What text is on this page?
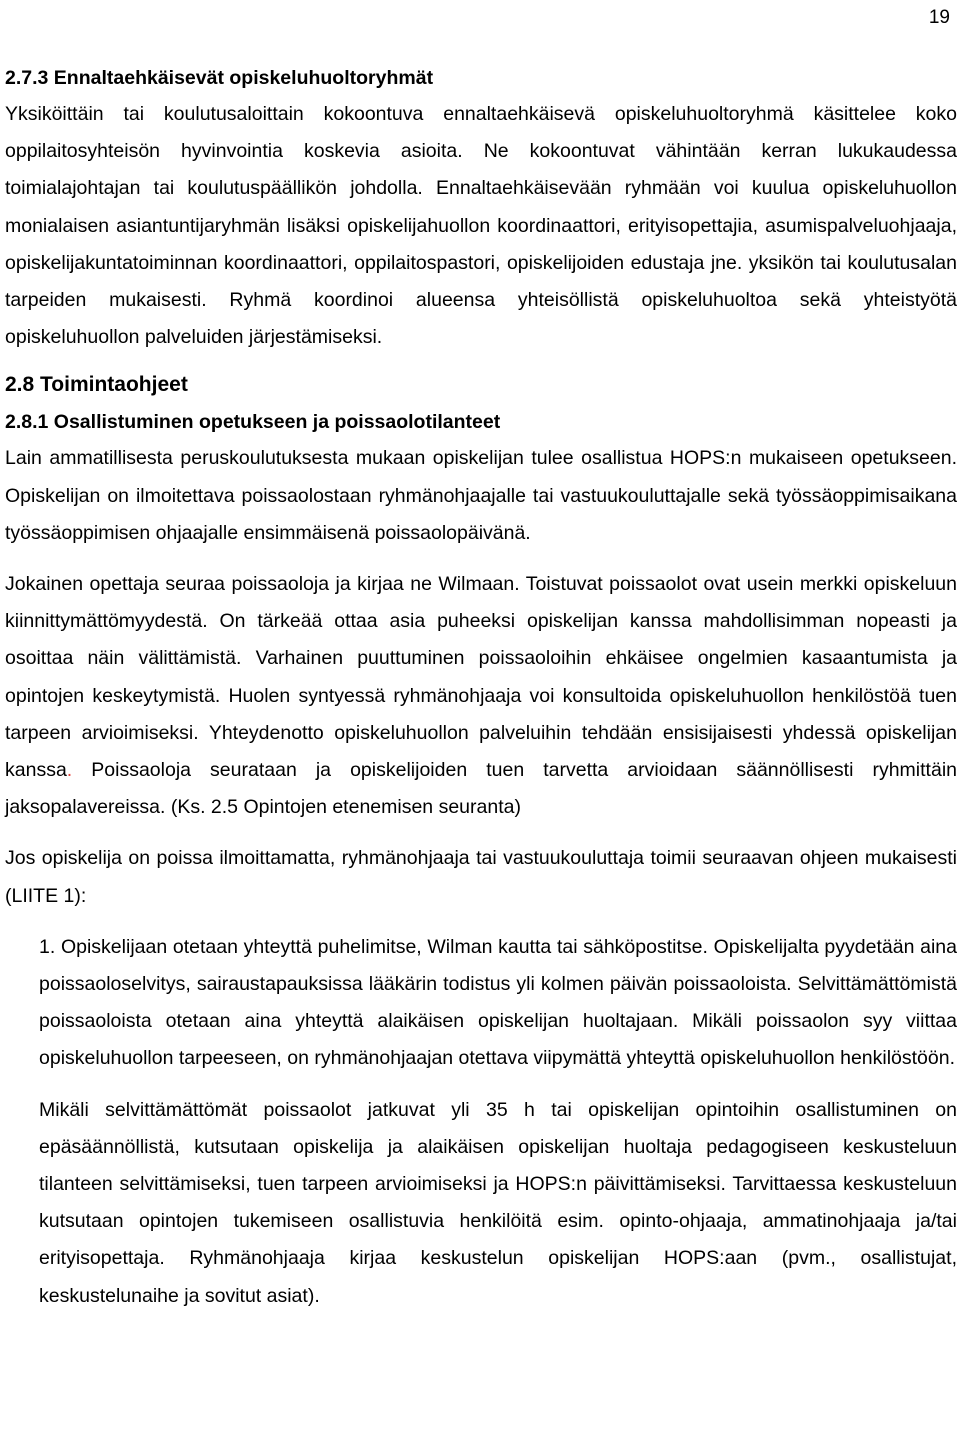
19
2.7.3 Ennaltaehkäisevät opiskeluhuoltoryhmät

Yksiköittäin tai koulutusaloittain kokoontuva ennaltaehkäisevä opiskeluhuoltoryhmä käsittelee koko oppilaitosyhteisön hyvinvointia koskevia asioita. Ne kokoontuvat vähintään kerran lukukaudessa toimialajohtajan tai koulutuspäällikön johdolla. Ennaltaehkäisevään ryhmään voi kuulua opiskeluhuollon monialaisen asiantuntijaryhmän lisäksi opiskelijahuollon koordinaattori, erityisopettajia, asumispalveluohjaaja, opiskelijakuntatoiminnan koordinaattori, oppilaitospastori, opiskelijoiden edustaja jne. yksikön tai koulutusalan tarpeiden mukaisesti. Ryhmä koordinoi alueensa yhteisöllistä opiskeluhuoltoa sekä yhteistyötä opiskeluhuollon palveluiden järjestämiseksi.

2.8 Toimintaohjeet
2.8.1 Osallistuminen opetukseen ja poissaolotilanteet

Lain ammatillisesta peruskoulutuksesta mukaan opiskelijan tulee osallistua HOPS:n mukaiseen opetukseen. Opiskelijan on ilmoitettava poissaolostaan ryhmänohjaajalle tai vastuukouluttajalle sekä työssäoppimisaikana työssäoppimisen ohjaajalle ensimmäisenä poissaolopäivänä.

Jokainen opettaja seuraa poissaoloja ja kirjaa ne Wilmaan. Toistuvat poissaolot ovat usein merkki opiskeluun kiinnittymättömyydestä. On tärkeää ottaa asia puheeksi opiskelijan kanssa mahdollisimman nopeasti ja osoittaa näin välittämistä. Varhainen puuttuminen poissaoloihin ehkäisee ongelmien kasaantumista ja opintojen keskeytymistä. Huolen syntyessä ryhmänohjaaja voi konsultoida opiskeluhuollon henkilöstöä tuen tarpeen arvioimiseksi. Yhteydenotto opiskeluhuollon palveluihin tehdään ensisijaisesti yhdessä opiskelijan kanssa. Poissaoloja seurataan ja opiskelijoiden tuen tarvetta arvioidaan säännöllisesti ryhmittäin jaksopalavereissa. (Ks. 2.5 Opintojen etenemisen seuranta)

Jos opiskelija on poissa ilmoittamatta, ryhmänohjaaja tai vastuukouluttaja toimii seuraavan ohjeen mukaisesti (LIITE 1):

1. Opiskelijaan otetaan yhteyttä puhelimitse, Wilman kautta tai sähköpostitse. Opiskelijalta pyydetään aina poissaoloselvitys, sairaustapauksissa lääkärin todistus yli kolmen päivän poissaoloista. Selvittämättömistä poissaoloista otetaan aina yhteyttä alaikäisen opiskelijan huoltajaan. Mikäli poissaolon syy viittaa opiskeluhuollon tarpeeseen, on ryhmänohjaajan otettava viipymättä yhteyttä opiskeluhuollon henkilöstöön.

Mikäli selvittämättömät poissaolot jatkuvat yli 35 h tai opiskelijan opintoihin osallistuminen on epäsäännöllistä, kutsutaan opiskelija ja alaikäisen opiskelijan huoltaja pedagogiseen keskusteluun tilanteen selvittämiseksi, tuen tarpeen arvioimiseksi ja HOPS:n päivittämiseksi. Tarvittaessa keskusteluun kutsutaan opintojen tukemiseen osallistuvia henkilöitä esim. opinto-ohjaaja, ammatinohjaaja ja/tai erityisopettaja. Ryhmänohjaaja kirjaa keskustelun opiskelijan HOPS:aan (pvm., osallistujat, keskustelunaihe ja sovitut asiat).
